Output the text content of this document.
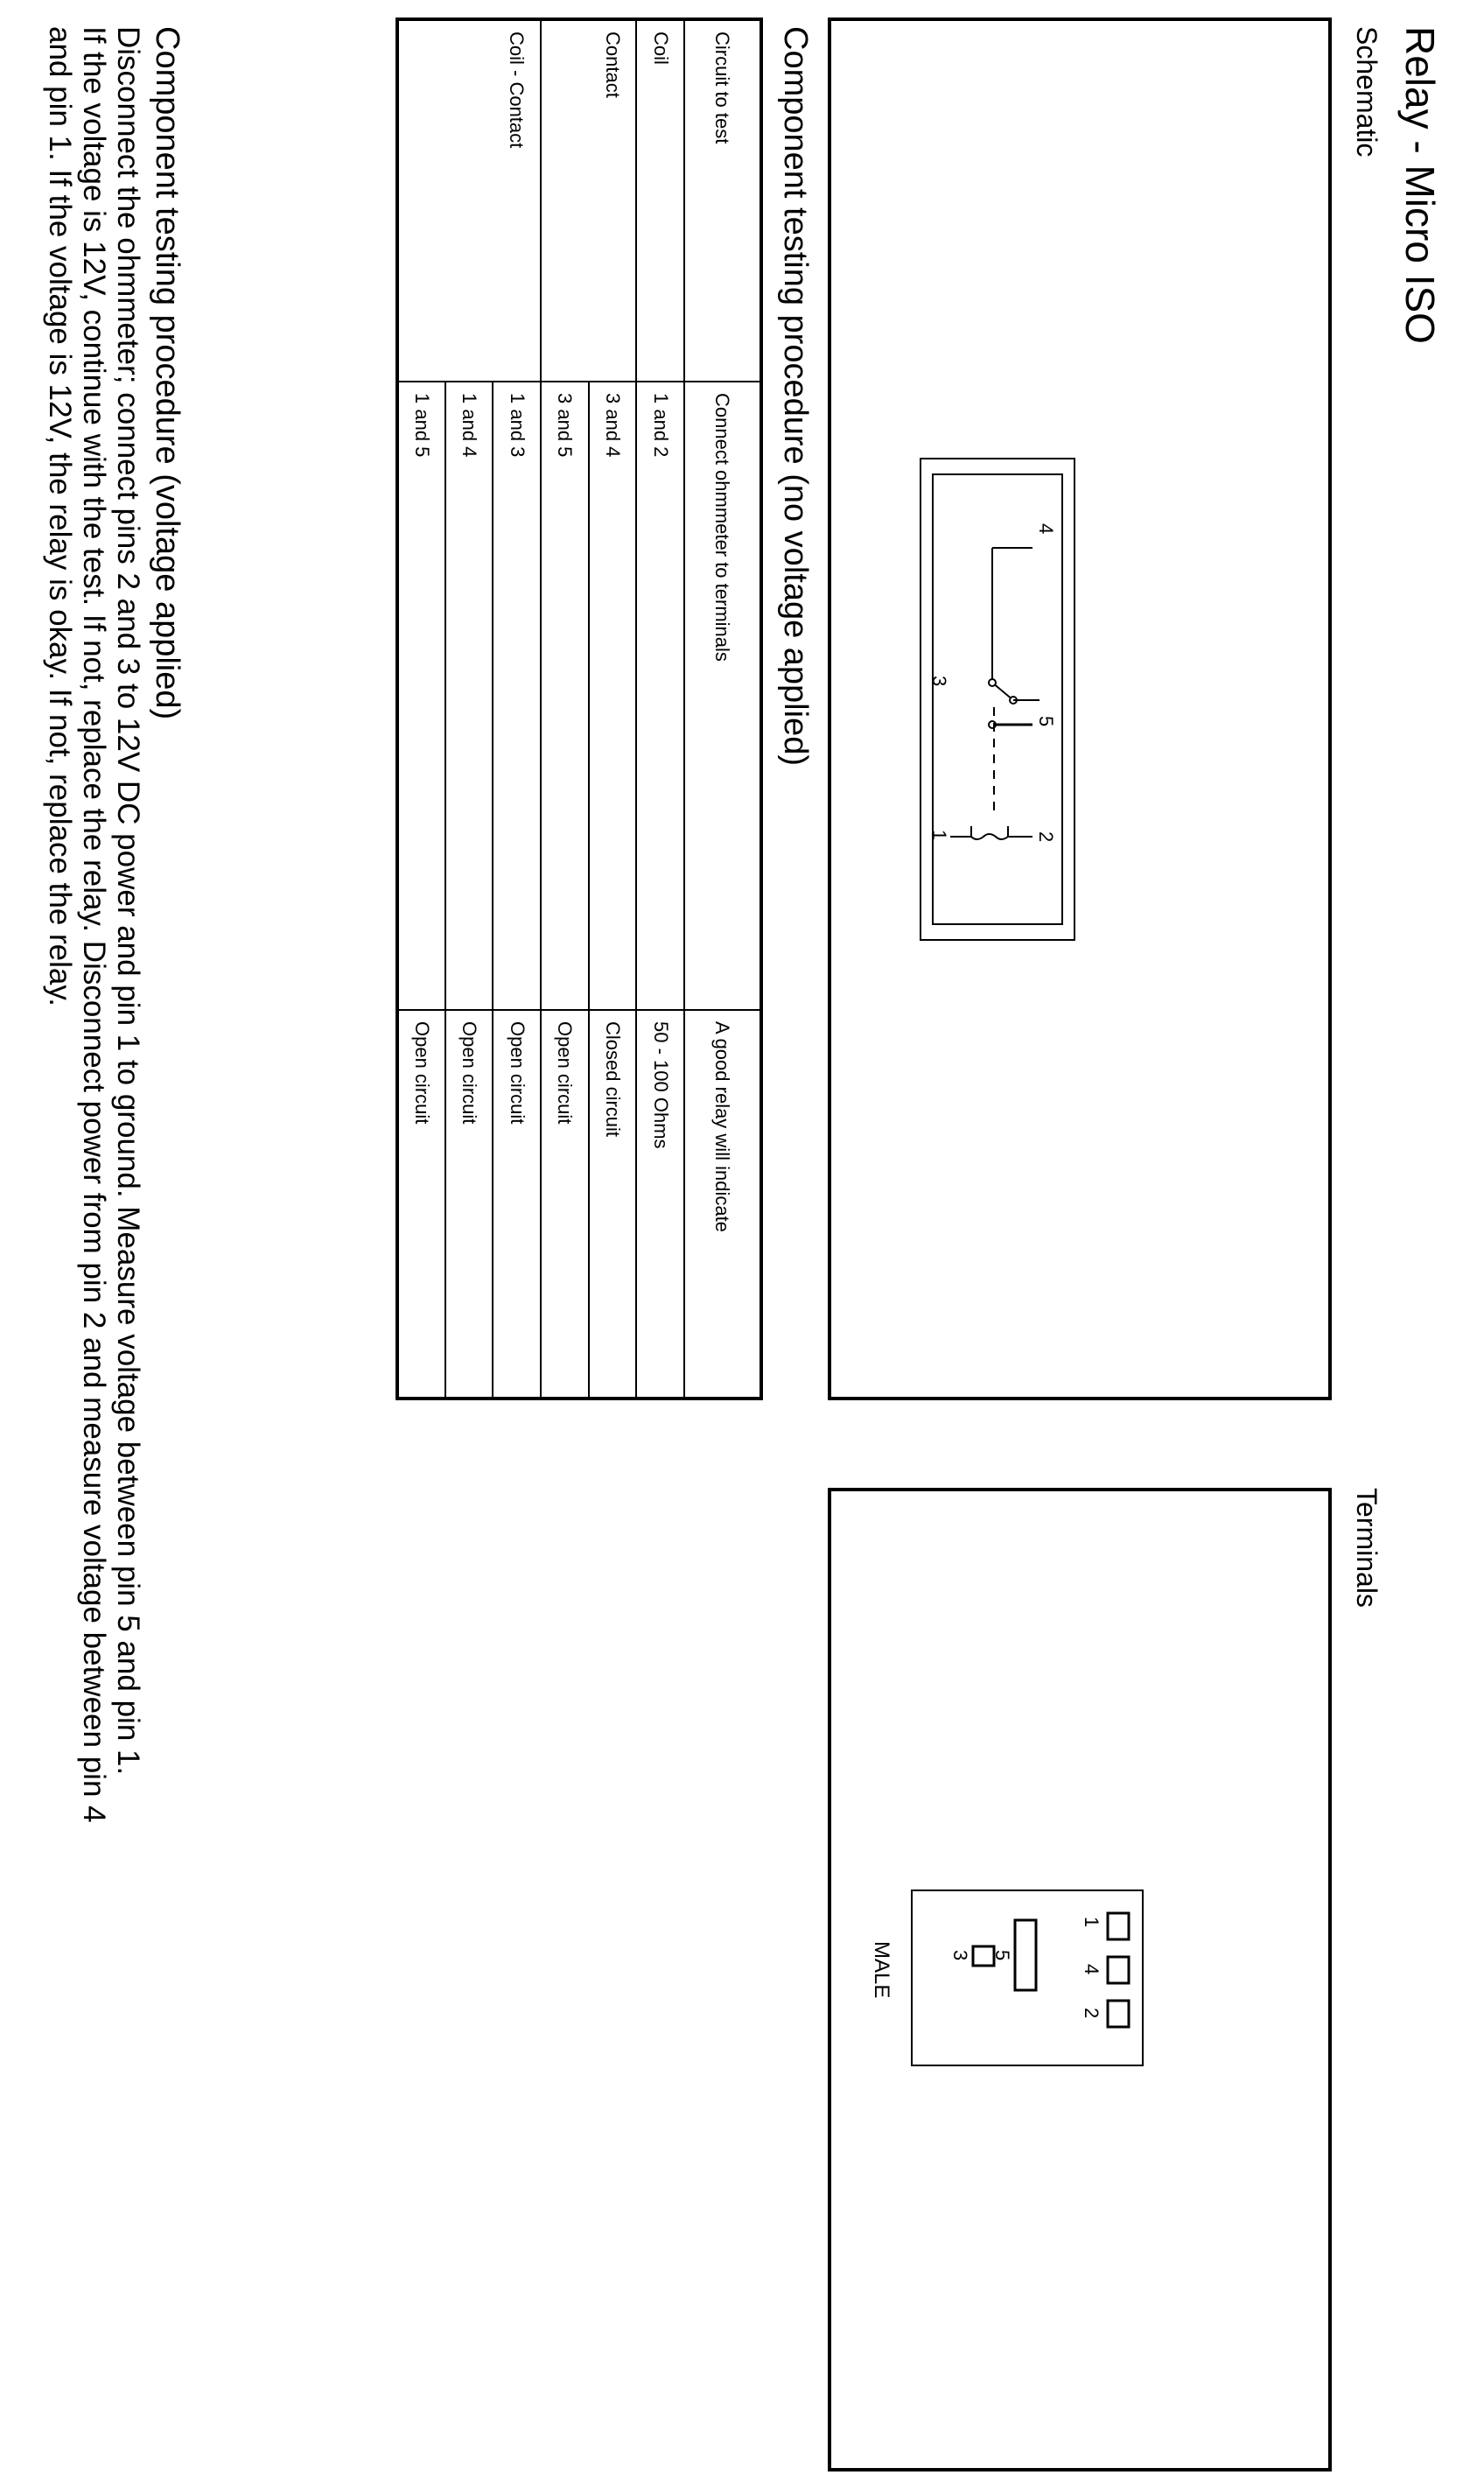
Relay - Micro ISO
Schematic
4
5
2
3
1
Terminals
1
4
2
5
3
MALE
Component testing procedure (no voltage applied)
Circuit to test	Connect ohmmeter to terminals	A good relay will indicate
Coil	1 and 2	50 - 100 Ohms
Contact	3 and 4	Closed circuit
	3 and 5	Open circuit
Coil - Contact	1 and 3	Open circuit
	1 and 4	Open circuit
	1 and 5	Open circuit
Component testing procedure (voltage applied)
Disconnect the ohmmeter; connect pins 2 and 3 to 12V DC power and pin 1 to ground. Measure voltage between pin 5 and pin 1.
If the voltage is 12V, continue with the test. If not, replace the relay. Disconnect power from pin 2 and measure voltage between pin 4
and pin 1. If the voltage is 12V, the relay is okay. If not, replace the relay.
